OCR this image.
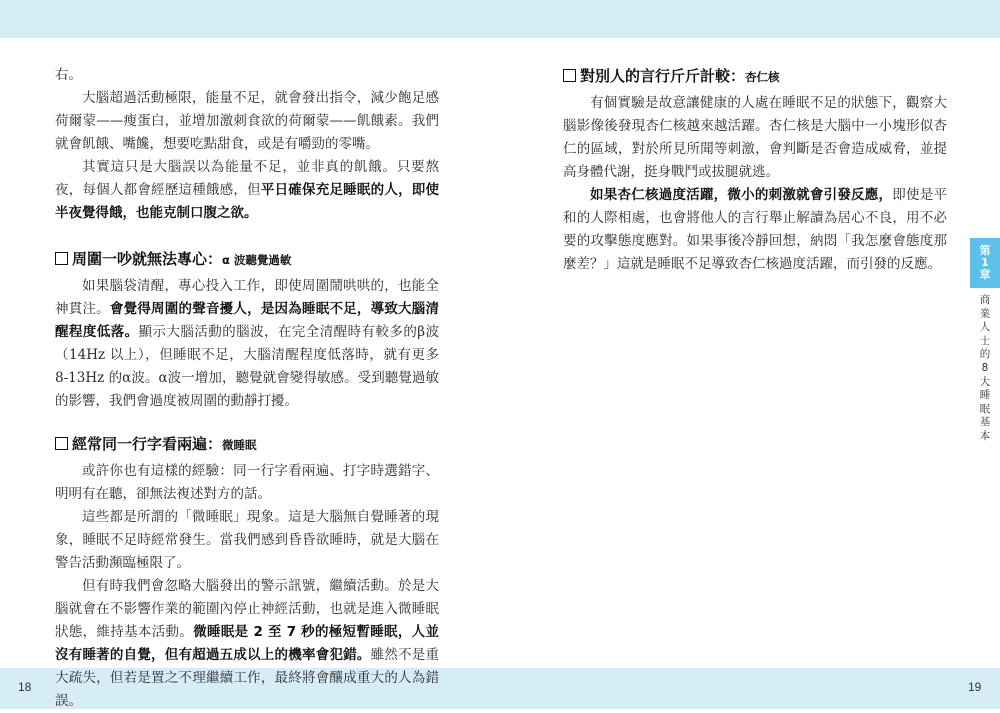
右。

大腦超過活動極限，能量不足，就會發出指令，減少飽足感荷爾蒙——瘦蛋白，並增加激刺食欲的荷爾蒙——飢餓素。我們就會飢餓、嘴饞，想要吃點甜食，或是有嚼勁的零嘴。

其實這只是大腦誤以為能量不足，並非真的飢餓。只要熬夜，每個人都會經歷這種餓感，但平日確保充足睡眠的人，即使半夜覺得餓，也能克制口腹之欲。

周圍一吵就無法專心： α 波聽覺過敏

如果腦袋清醒，專心投入工作，即使周圍鬧哄哄的，也能全神貫注。會覺得周圍的聲音擾人，是因為睡眠不足，導致大腦清醒程度低落。顯示大腦活動的腦波，在完全清醒時有較多的β波（14Hz 以上），但睡眠不足，大腦清醒程度低落時，就有更多8-13Hz 的α波。α波一增加，聽覺就會變得敏感。受到聽覺過敏的影響，我們會過度被周圍的動靜打擾。

經常同一行字看兩遍： 微睡眠

或許你也有這樣的經驗：同一行字看兩遍、打字時選錯字、明明有在聽，卻無法複述對方的話。

這些都是所謂的「微睡眠」現象。這是大腦無自覺睡著的現象，睡眠不足時經常發生。當我們感到昏昏欲睡時，就是大腦在警告活動瀕臨極限了。

但有時我們會忽略大腦發出的警示訊號，繼續活動。於是大腦就會在不影響作業的範圍內停止神經活動，也就是進入微睡眠狀態，維持基本活動。微睡眠是 2 至 7 秒的極短暫睡眠，人並沒有睡著的自覺，但有超過五成以上的機率會犯錯。雖然不是重大疏失，但若是置之不理繼續工作，最終將會釀成重大的人為錯誤。

18
對別人的言行斤斤計較： 杏仁核

有個實驗是故意讓健康的人處在睡眠不足的狀態下，觀察大腦影像後發現杏仁核越來越活躍。杏仁核是大腦中一小塊形似杏仁的區域，對於所見所聞等刺激，會判斷是否會造成威脅，並提高身體代謝，挺身戰鬥或拔腿就逃。

如果杏仁核過度活躍，微小的刺激就會引發反應，即使是平和的人際相處，也會將他人的言行舉止解讀為居心不良，用不必要的攻擊態度應對。如果事後冷靜回想，納悶「我怎麼會態度那麼差？」這就是睡眠不足導致杏仁核過度活躍，而引發的反應。

19
第
1
章
商
業
人
士
的
8
大
睡
眠
基
本
